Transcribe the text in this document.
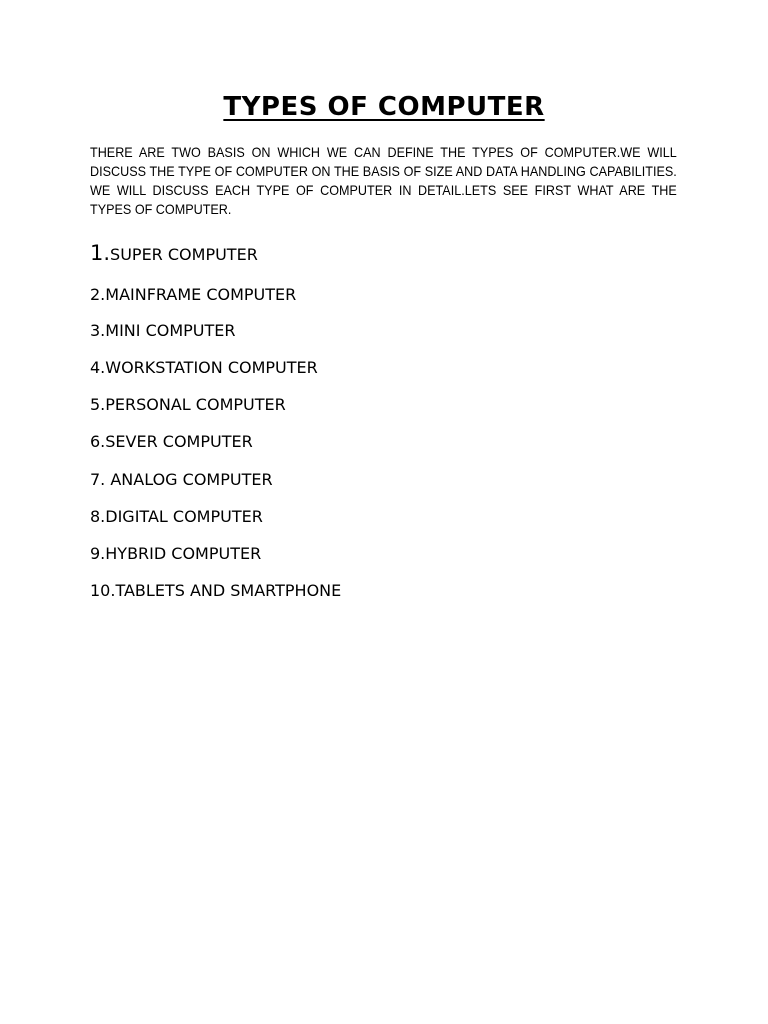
TYPES OF COMPUTER

THERE ARE TWO BASIS ON WHICH WE CAN DEFINE THE TYPES OF COMPUTER.WE WILL DISCUSS THE TYPE OF COMPUTER ON THE BASIS OF SIZE AND DATA HANDLING CAPABILITIES. WE WILL DISCUSS EACH TYPE OF COMPUTER IN DETAIL.LETS SEE FIRST WHAT ARE THE TYPES OF COMPUTER.

1.SUPER COMPUTER
2.MAINFRAME COMPUTER
3.MINI COMPUTER
4.WORKSTATION COMPUTER
5.PERSONAL COMPUTER
6.SEVER COMPUTER
7. ANALOG COMPUTER
8.DIGITAL COMPUTER
9.HYBRID COMPUTER
10.TABLETS AND SMARTPHONE
